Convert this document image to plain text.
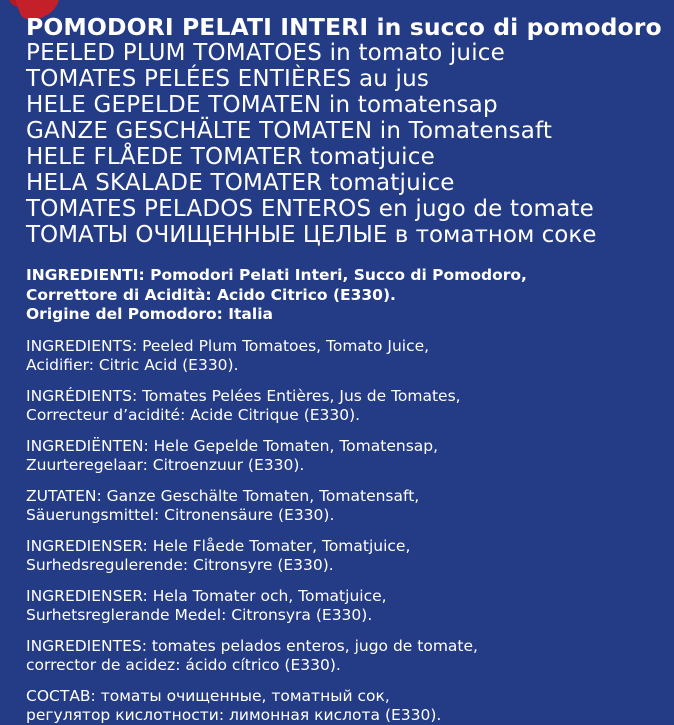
POMODORI PELATI INTERI in succo di pomodoro
PEELED PLUM TOMATOES in tomato juice
TOMATES PELÉES ENTIÈRES au jus
HELE GEPELDE TOMATEN in tomatensap
GANZE GESCHÄLTE TOMATEN in Tomatensaft
HELE FLÅEDE TOMATER tomatjuice
HELA SKALADE TOMATER tomatjuice
TOMATES PELADOS ENTEROS en jugo de tomate
ТОМАТЫ ОЧИЩЕННЫЕ ЦЕЛЫЕ в томатном соке
INGREDIENTI: Pomodori Pelati Interi, Succo di Pomodoro,
Correttore di Acidità: Acido Citrico (E330).
Origine del Pomodoro: Italia
INGREDIENTS: Peeled Plum Tomatoes, Tomato Juice,
Acidifier: Citric Acid (E330).
INGRÉDIENTS: Tomates Pelées Entières, Jus de Tomates,
Correcteur d’acidité: Acide Citrique (E330).
INGREDIËNTEN: Hele Gepelde Tomaten, Tomatensap,
Zuurteregelaar: Citroenzuur (E330).
ZUTATEN: Ganze Geschälte Tomaten, Tomatensaft,
Säuerungsmittel: Citronensäure (E330).
INGREDIENSER: Hele Flåede Tomater, Tomatjuice,
Surhedsregulerende: Citronsyre (E330).
INGREDIENSER: Hela Tomater och, Tomatjuice,
Surhetsreglerande Medel: Citronsyra (E330).
INGREDIENTES: tomates pelados enteros, jugo de tomate,
corrector de acidez: ácido cítrico (E330).
СОСТАВ: томаты очищенные, томатный сок,
регулятор кислотности: лимонная кислота (E330).
